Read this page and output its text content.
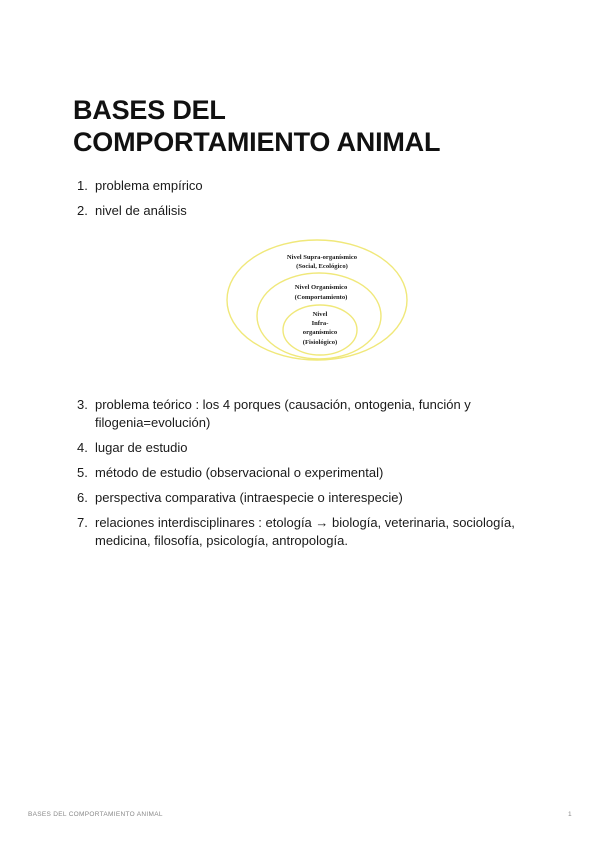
BASES DEL
COMPORTAMIENTO ANIMAL
1. problema empírico
2. nivel de análisis
Nivel Supra-organísmico
(Social, Ecológico)
Nivel Organísmico
(Comportamiento)
Nivel
Infra-
organísmico
(Fisiológico)
3. problema teórico : los 4 porques (causación, ontogenia, función y filogenia=evolución)
4. lugar de estudio
5. método de estudio (observacional o experimental)
6. perspectiva comparativa (intraespecie o interespecie)
7. relaciones interdisciplinares : etología → biología, veterinaria, sociología, medicina, filosofía, psicología, antropología.
BASES DEL COMPORTAMIENTO ANIMAL	1
